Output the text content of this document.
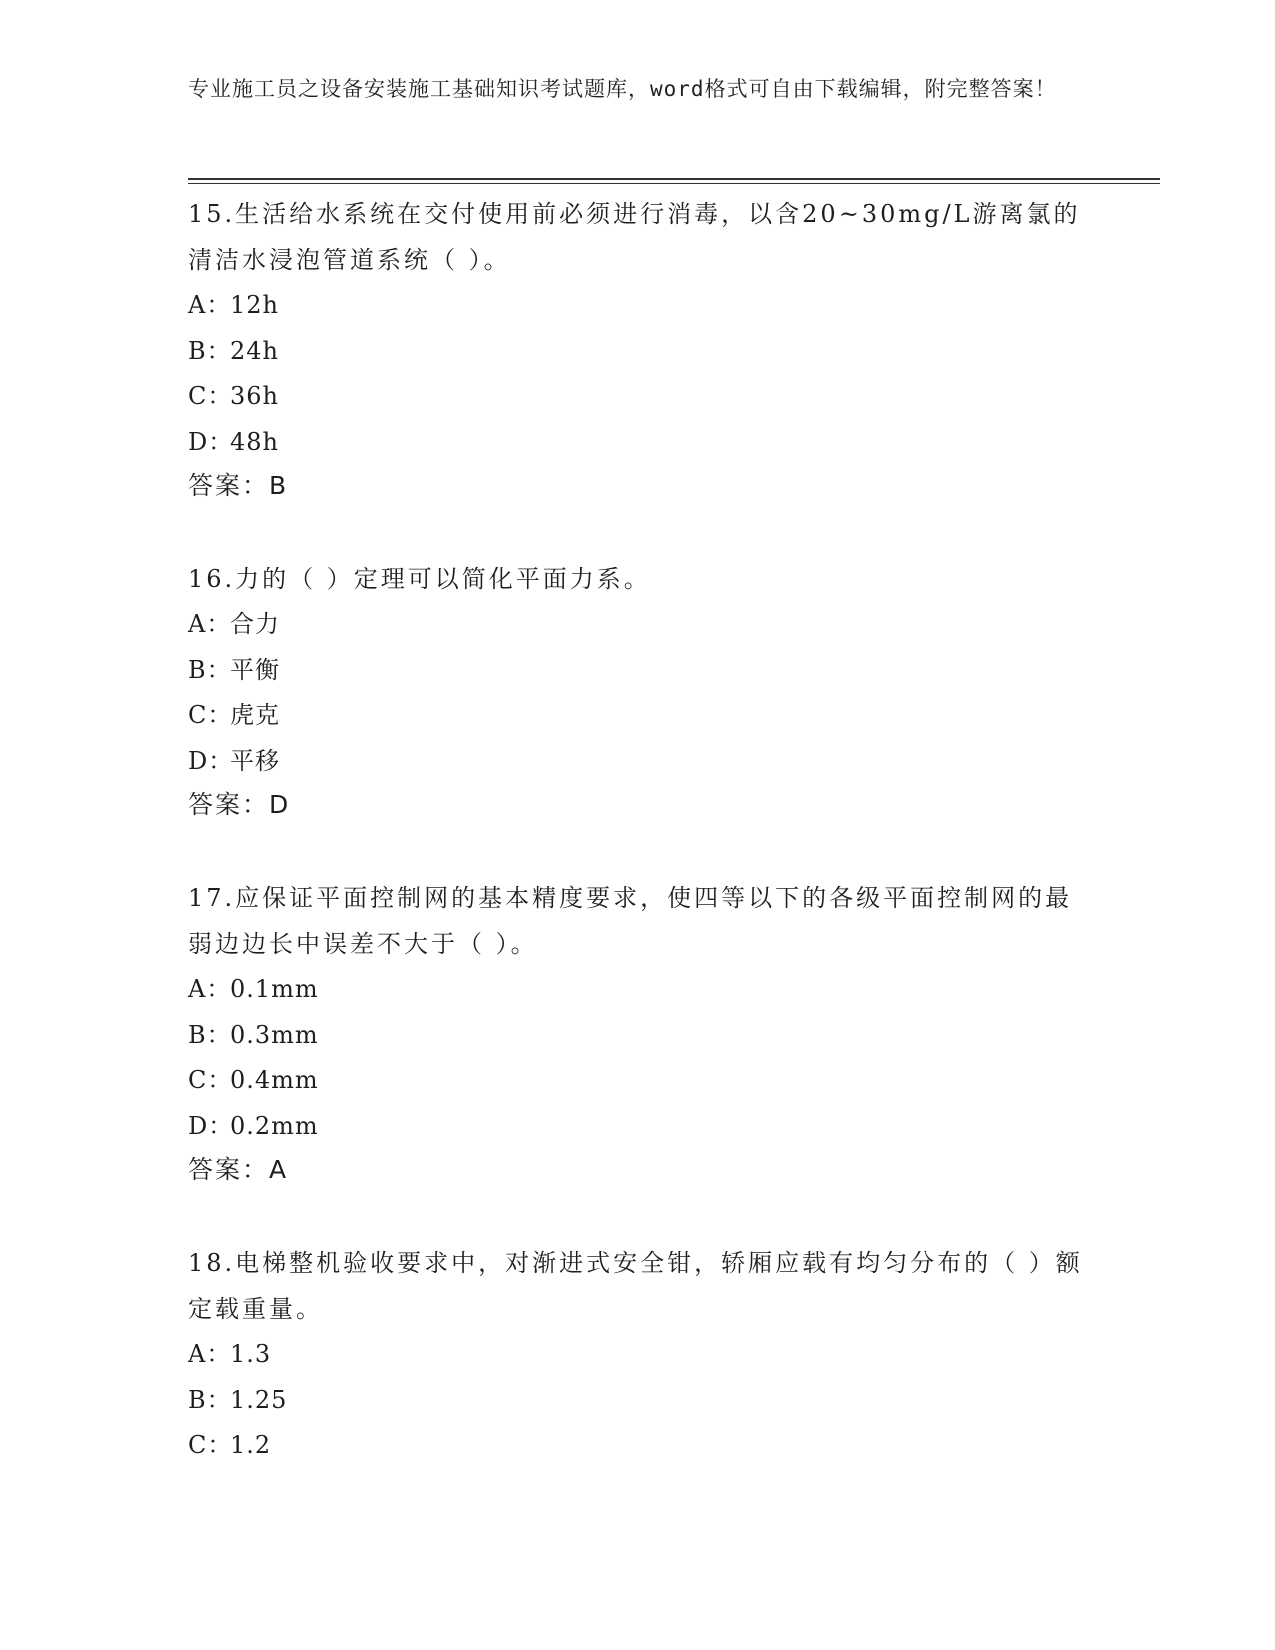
专业施工员之设备安装施工基础知识考试题库，word格式可自由下载编辑，附完整答案！

15.生活给水系统在交付使用前必须进行消毒，以含20~30mg/L游离氯的清洁水浸泡管道系统（ ）。

A：12h

B：24h

C：36h

D：48h

答案：B

16.力的（ ）定理可以简化平面力系。

A：合力

B：平衡

C：虎克

D：平移

答案：D

17.应保证平面控制网的基本精度要求，使四等以下的各级平面控制网的最弱边边长中误差不大于（ ）。

A：0.1mm

B：0.3mm

C：0.4mm

D：0.2mm

答案：A

18.电梯整机验收要求中，对渐进式安全钳，轿厢应载有均匀分布的（ ）额定载重量。

A：1.3

B：1.25

C：1.2
